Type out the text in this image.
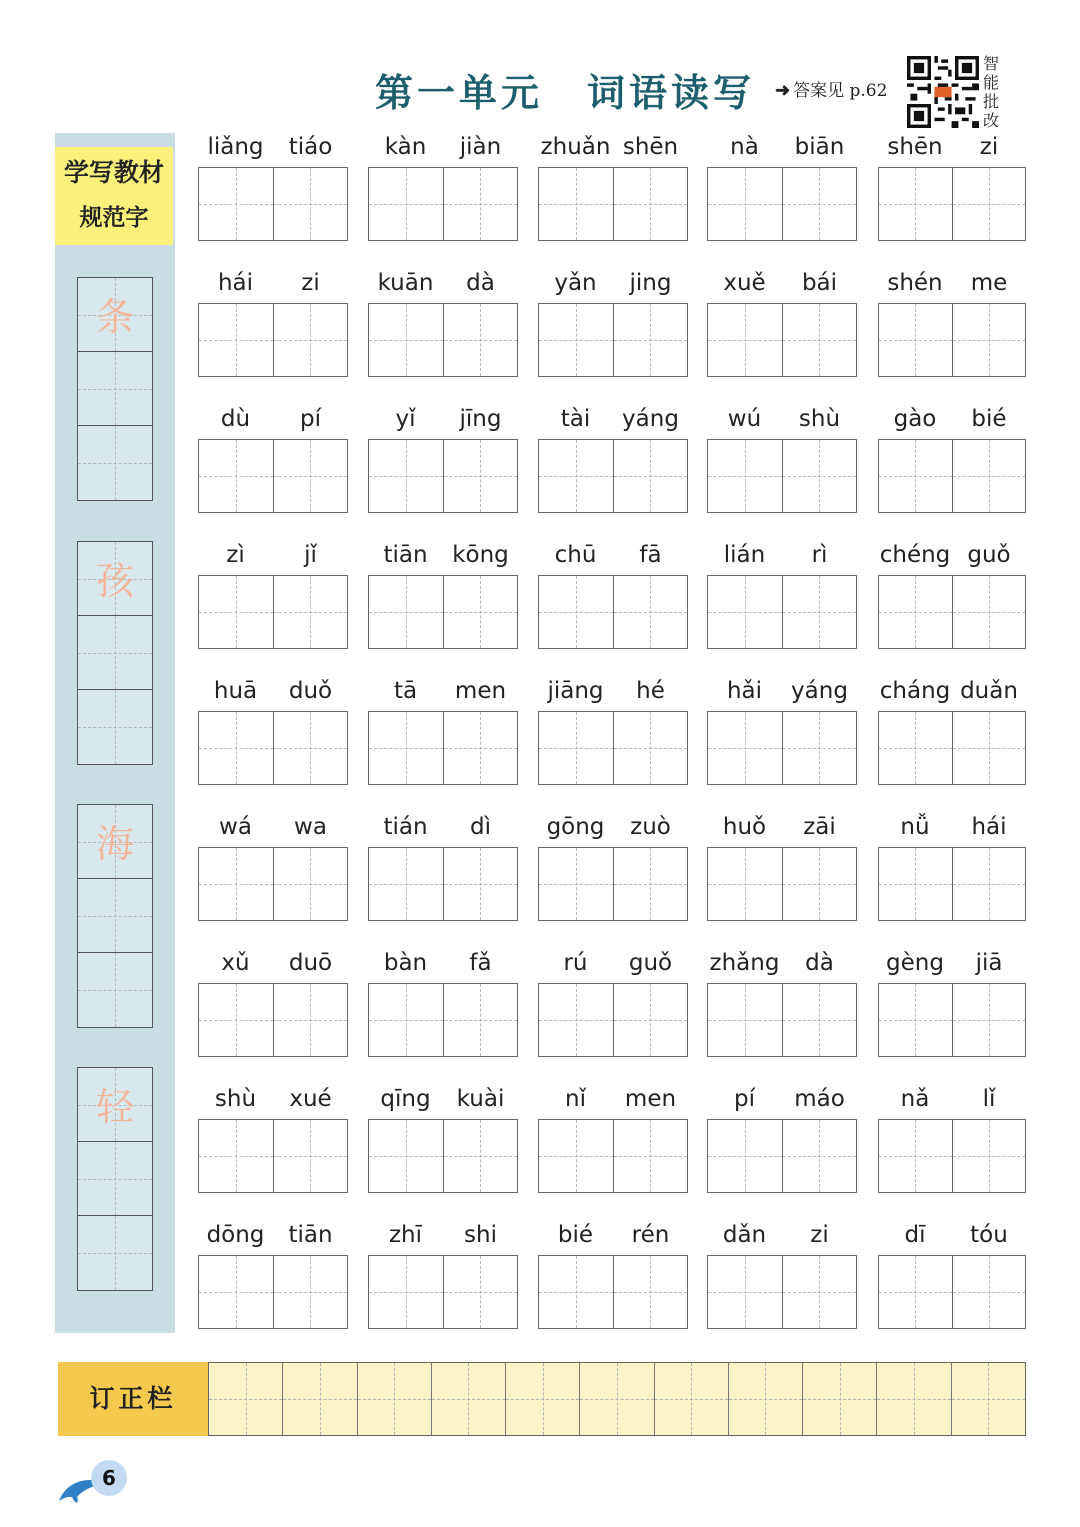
第一单元 词语读写 ➜ 答案见 p.62
智
能
批
改
学写教材
规范字
条
孩
海
轻
liǎng	tiáo	kàn	jiàn	zhuǎn shēn	nà	biān	shēn	zi
hái	zi	kuān	dà	yǎn	jing	xuě	bái	shén	me
dù	pí	yǐ	jīng	tài	yáng	wú	shù	gào	bié
zì	jǐ	tiān	kōng	chū	fā	lián	rì	chéng guǒ
huā	duǒ	tā	men	jiāng	hé	hǎi	yáng	cháng duǎn
wá	wa	tián	dì	gōng	zuò	huǒ	zāi	nǚ	hái
xǔ	duō	bàn	fǎ	rú	guǒ	zhǎng	dà	gèng	jiā
shù	xué	qīng	kuài	nǐ	men	pí	máo	nǎ	lǐ
dōng	tiān	zhī	shi	bié	rén	dǎn	zi	dī	tóu
订正栏
6
